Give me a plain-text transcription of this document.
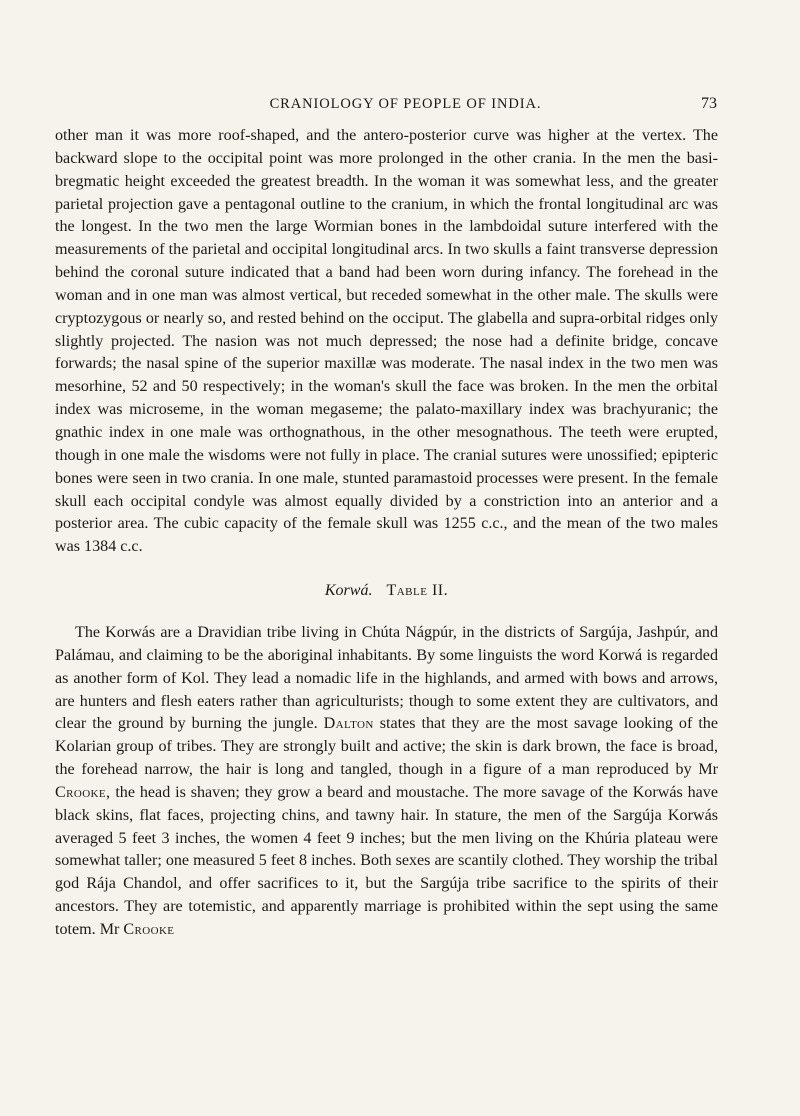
CRANIOLOGY OF PEOPLE OF INDIA.	73

other man it was more roof-shaped, and the antero-posterior curve was higher at the vertex. The backward slope to the occipital point was more prolonged in the other crania. In the men the basi-bregmatic height exceeded the greatest breadth. In the woman it was somewhat less, and the greater parietal projection gave a pentagonal outline to the cranium, in which the frontal longitudinal arc was the longest. In the two men the large Wormian bones in the lambdoidal suture interfered with the measurements of the parietal and occipital longitudinal arcs. In two skulls a faint transverse depression behind the coronal suture indicated that a band had been worn during infancy. The forehead in the woman and in one man was almost vertical, but receded somewhat in the other male. The skulls were cryptozygous or nearly so, and rested behind on the occiput. The glabella and supra-orbital ridges only slightly projected. The nasion was not much depressed; the nose had a definite bridge, concave forwards; the nasal spine of the superior maxillæ was moderate. The nasal index in the two men was mesorhine, 52 and 50 respectively; in the woman's skull the face was broken. In the men the orbital index was microseme, in the woman megaseme; the palato-maxillary index was brachyuranic; the gnathic index in one male was orthognathous, in the other mesognathous. The teeth were erupted, though in one male the wisdoms were not fully in place. The cranial sutures were unossified; epipteric bones were seen in two crania. In one male, stunted paramastoid processes were present. In the female skull each occipital condyle was almost equally divided by a constriction into an anterior and a posterior area. The cubic capacity of the female skull was 1255 c.c., and the mean of the two males was 1384 c.c.

Korwá. Table II.

The Korwás are a Dravidian tribe living in Chúta Nágpúr, in the districts of Sargúja, Jashpúr, and Palámau, and claiming to be the aboriginal inhabitants. By some linguists the word Korwá is regarded as another form of Kol. They lead a nomadic life in the highlands, and armed with bows and arrows, are hunters and flesh eaters rather than agriculturists; though to some extent they are cultivators, and clear the ground by burning the jungle. Dalton states that they are the most savage looking of the Kolarian group of tribes. They are strongly built and active; the skin is dark brown, the face is broad, the forehead narrow, the hair is long and tangled, though in a figure of a man reproduced by Mr Crooke, the head is shaven; they grow a beard and moustache. The more savage of the Korwás have black skins, flat faces, projecting chins, and tawny hair. In stature, the men of the Sargúja Korwás averaged 5 feet 3 inches, the women 4 feet 9 inches; but the men living on the Khúria plateau were somewhat taller; one measured 5 feet 8 inches. Both sexes are scantily clothed. They worship the tribal god Rája Chandol, and offer sacrifices to it, but the Sargúja tribe sacrifice to the spirits of their ancestors. They are totemistic, and apparently marriage is prohibited within the sept using the same totem. Mr Crooke
